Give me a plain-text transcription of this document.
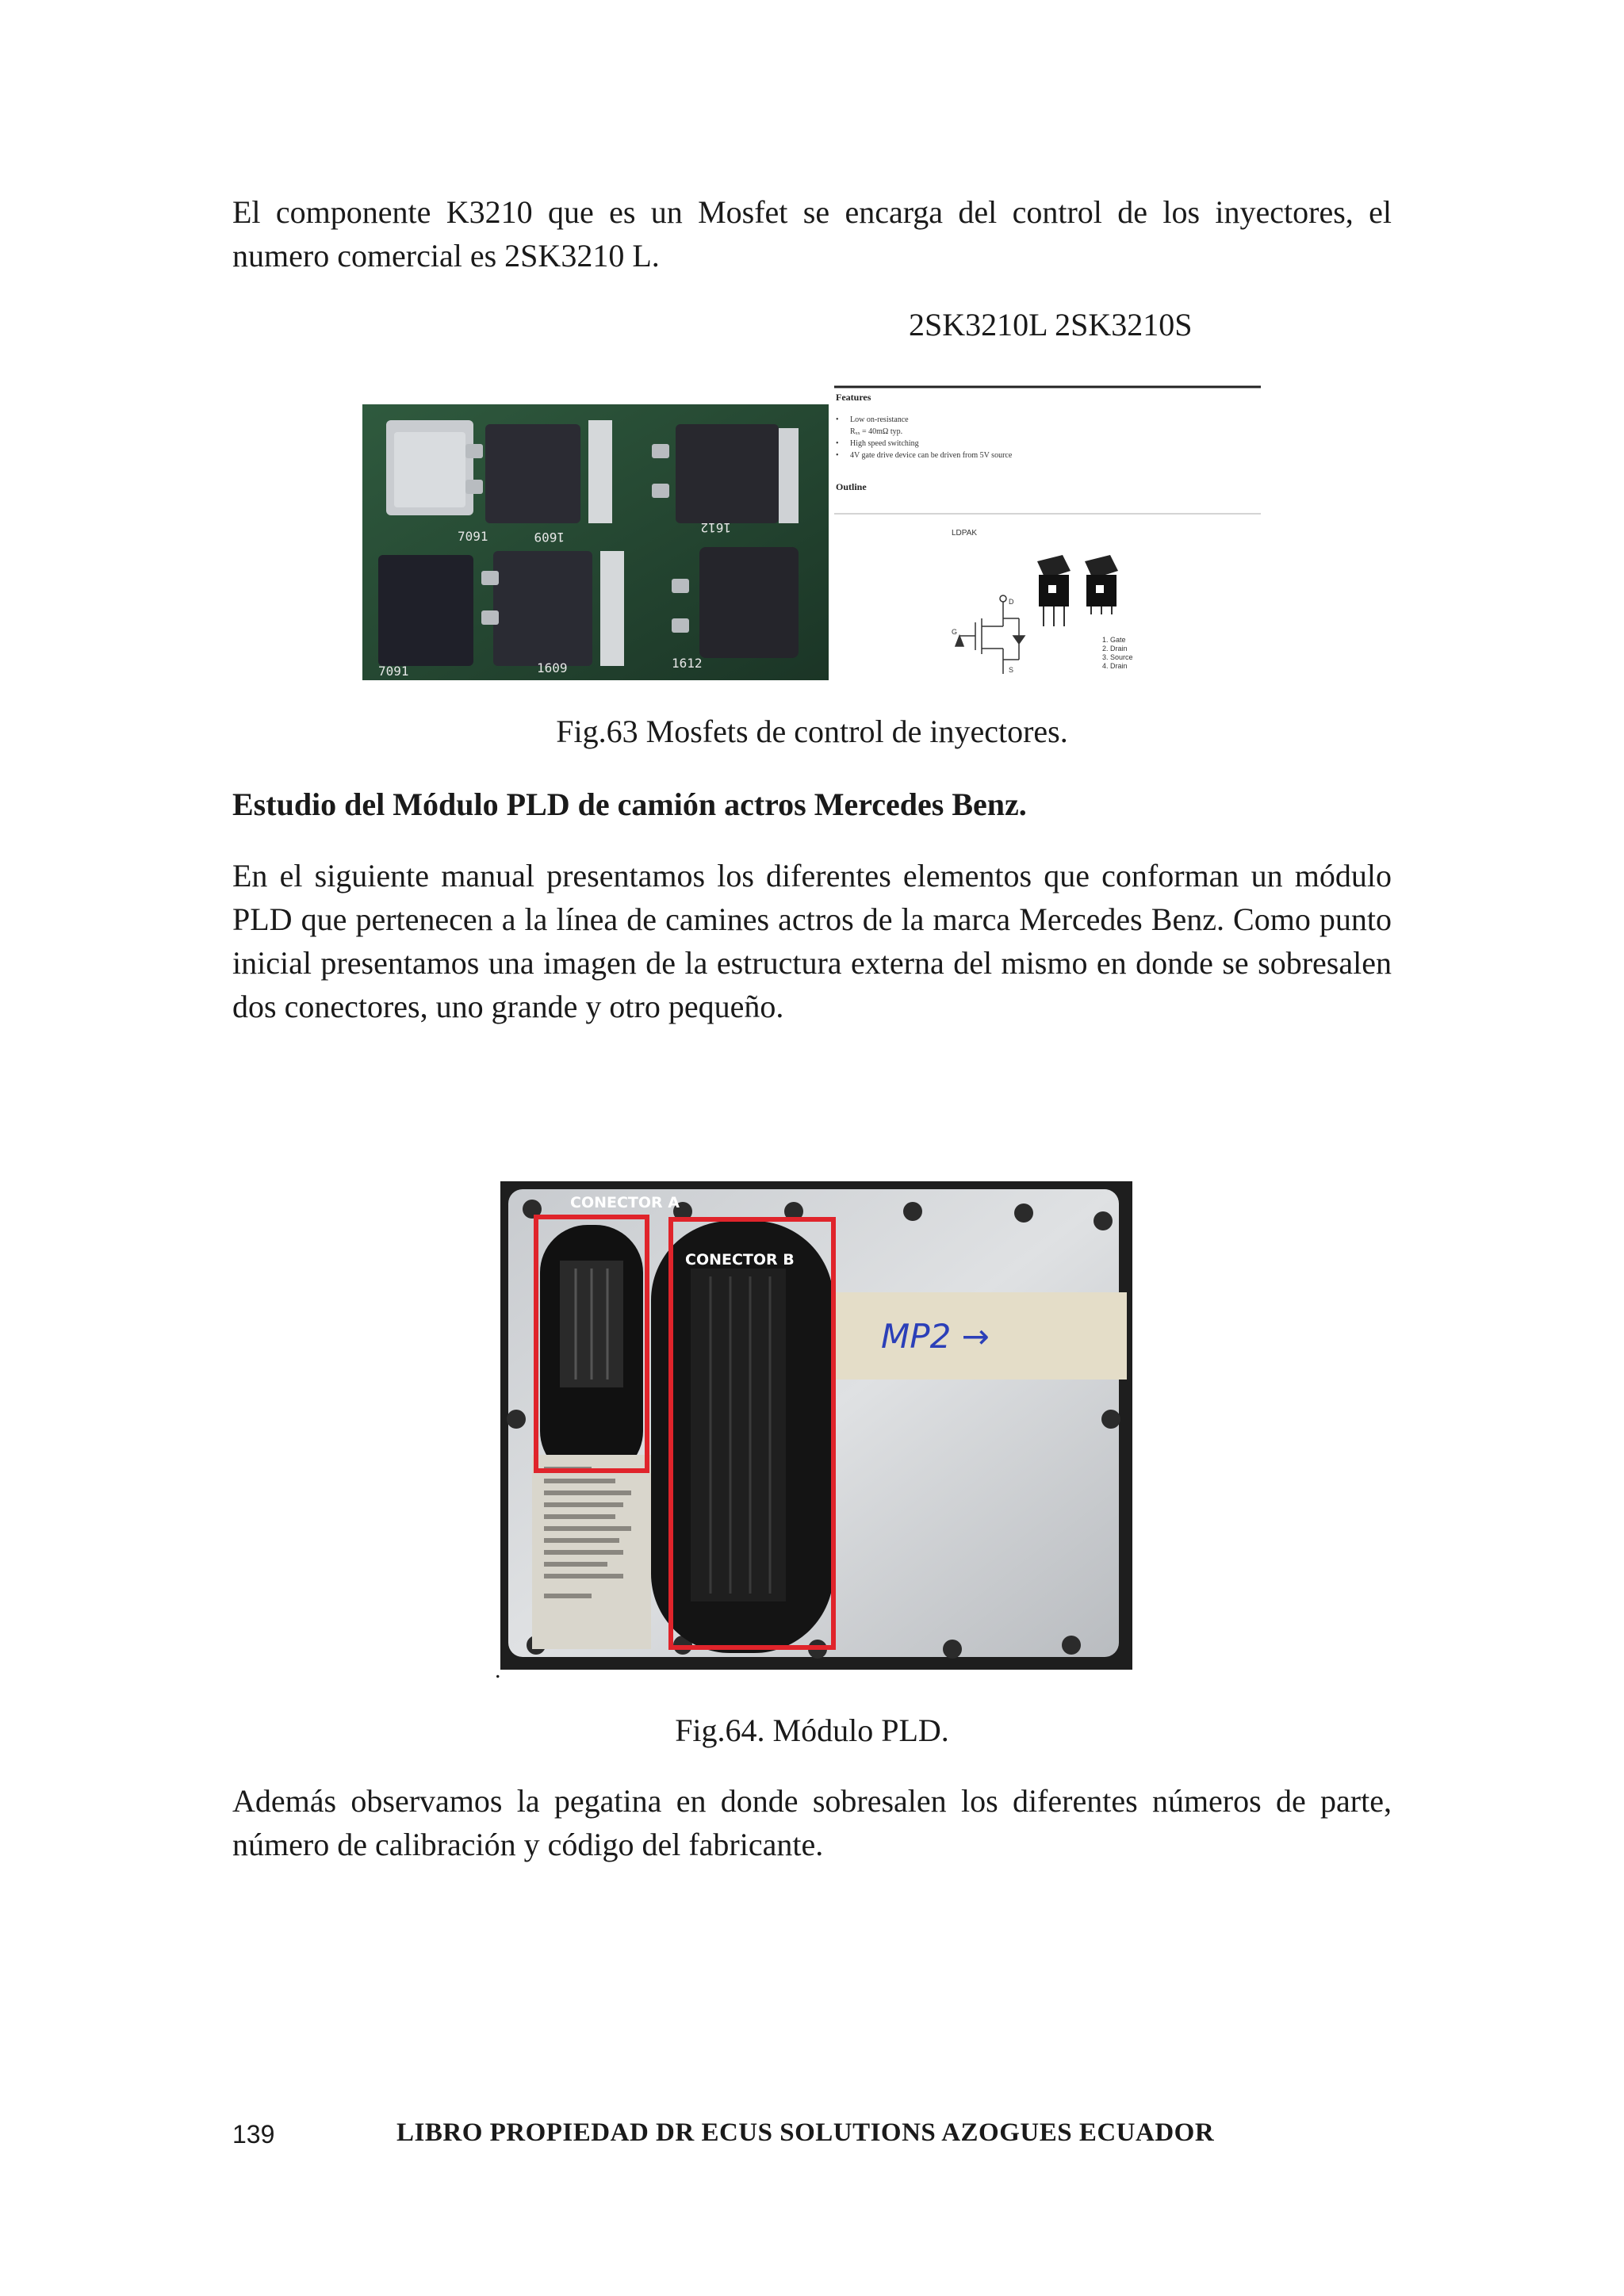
El componente K3210 que es un Mosfet se encarga del control de los inyectores, el numero comercial es 2SK3210 L.

2SK3210L 2SK3210S
1609
1612
7091	1609	1612
7091
Features
• Low on-resistance
Rₓₓ = 40mΩ typ.
• High speed switching
• 4V gate drive device can be driven from 5V source
Outline
LDPAK
D
G
S
1. Gate
2. Drain
3. Source
4. Drain
Fig.63 Mosfets de control de inyectores.
Estudio del Módulo PLD de camión actros Mercedes Benz.

En el siguiente manual presentamos los diferentes elementos que conforman un módulo PLD que pertenecen a la línea de camines actros de la marca Mercedes Benz. Como punto inicial presentamos una imagen de la estructura externa del mismo en donde se sobresalen dos conectores, uno grande y otro pequeño.

MP2 →
CONECTOR A
CONECTOR B
.
Fig.64. Módulo PLD.

Además observamos la pegatina en donde sobresalen los diferentes números de parte, número de calibración y código del fabricante.

139	LIBRO PROPIEDAD DR ECUS SOLUTIONS AZOGUES ECUADOR
